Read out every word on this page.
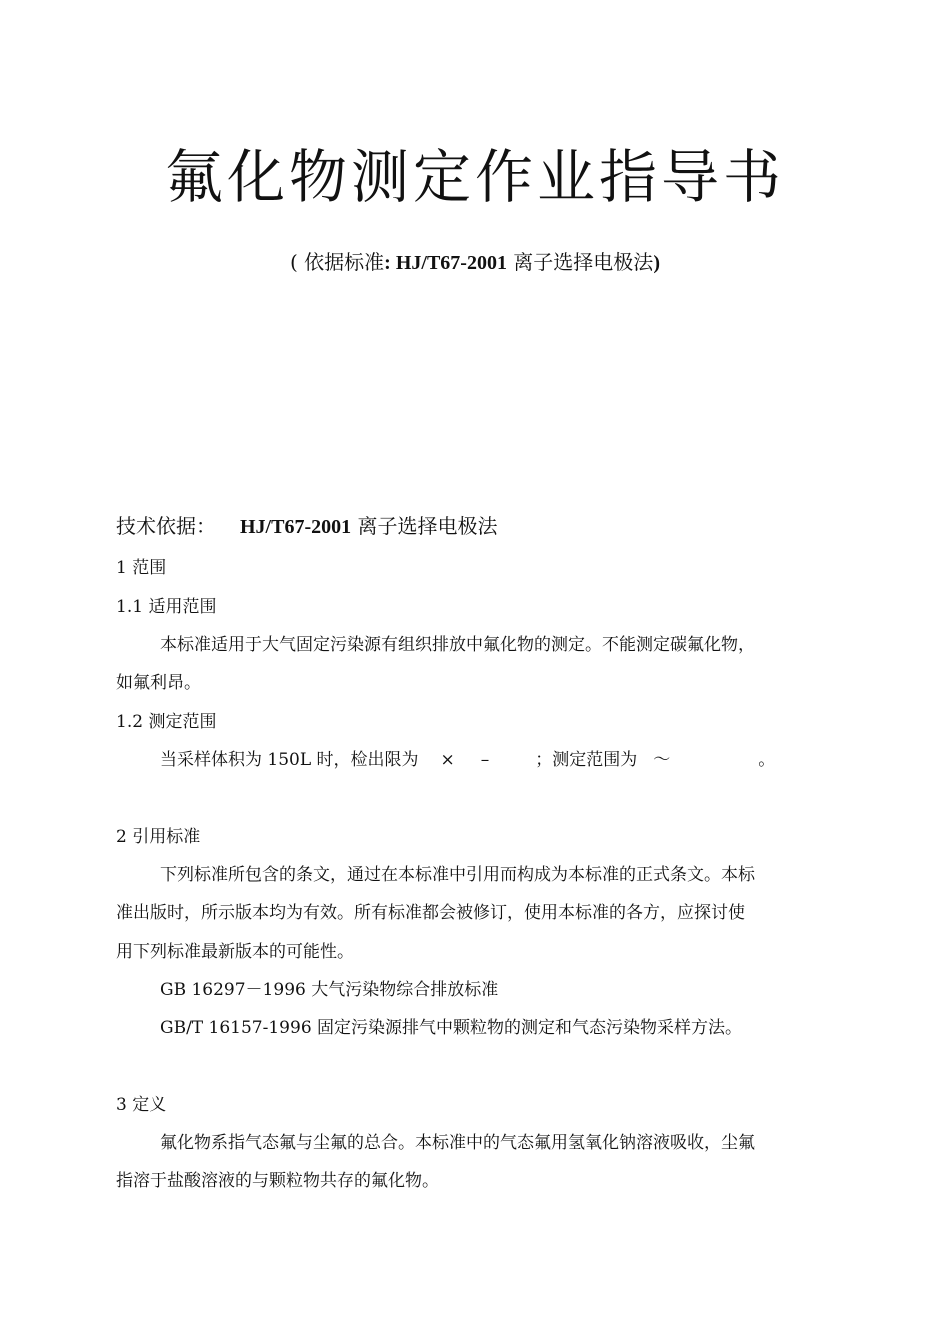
氟化物测定作业指导书
( 依据标准: HJ/T67-2001 离子选择电极法)
技术依据： HJ/T67-2001 离子选择电极法
1 范围
1.1 适用范围
本标准适用于大气固定污染源有组织排放中氟化物的测定。不能测定碳氟化物，
如氟利昂。
1.2 测定范围
当采样体积为 150L 时，检出限为 × –	；测定范围为 ～	。
2 引用标准
下列标准所包含的条文，通过在本标准中引用而构成为本标准的正式条文。本标
准出版时，所示版本均为有效。所有标准都会被修订，使用本标准的各方，应探讨使
用下列标准最新版本的可能性。
GB 16297－1996 大气污染物综合排放标准
GB/T 16157-1996 固定污染源排气中颗粒物的测定和气态污染物采样方法。
3 定义
氟化物系指气态氟与尘氟的总合。本标准中的气态氟用氢氧化钠溶液吸收，尘氟
指溶于盐酸溶液的与颗粒物共存的氟化物。
